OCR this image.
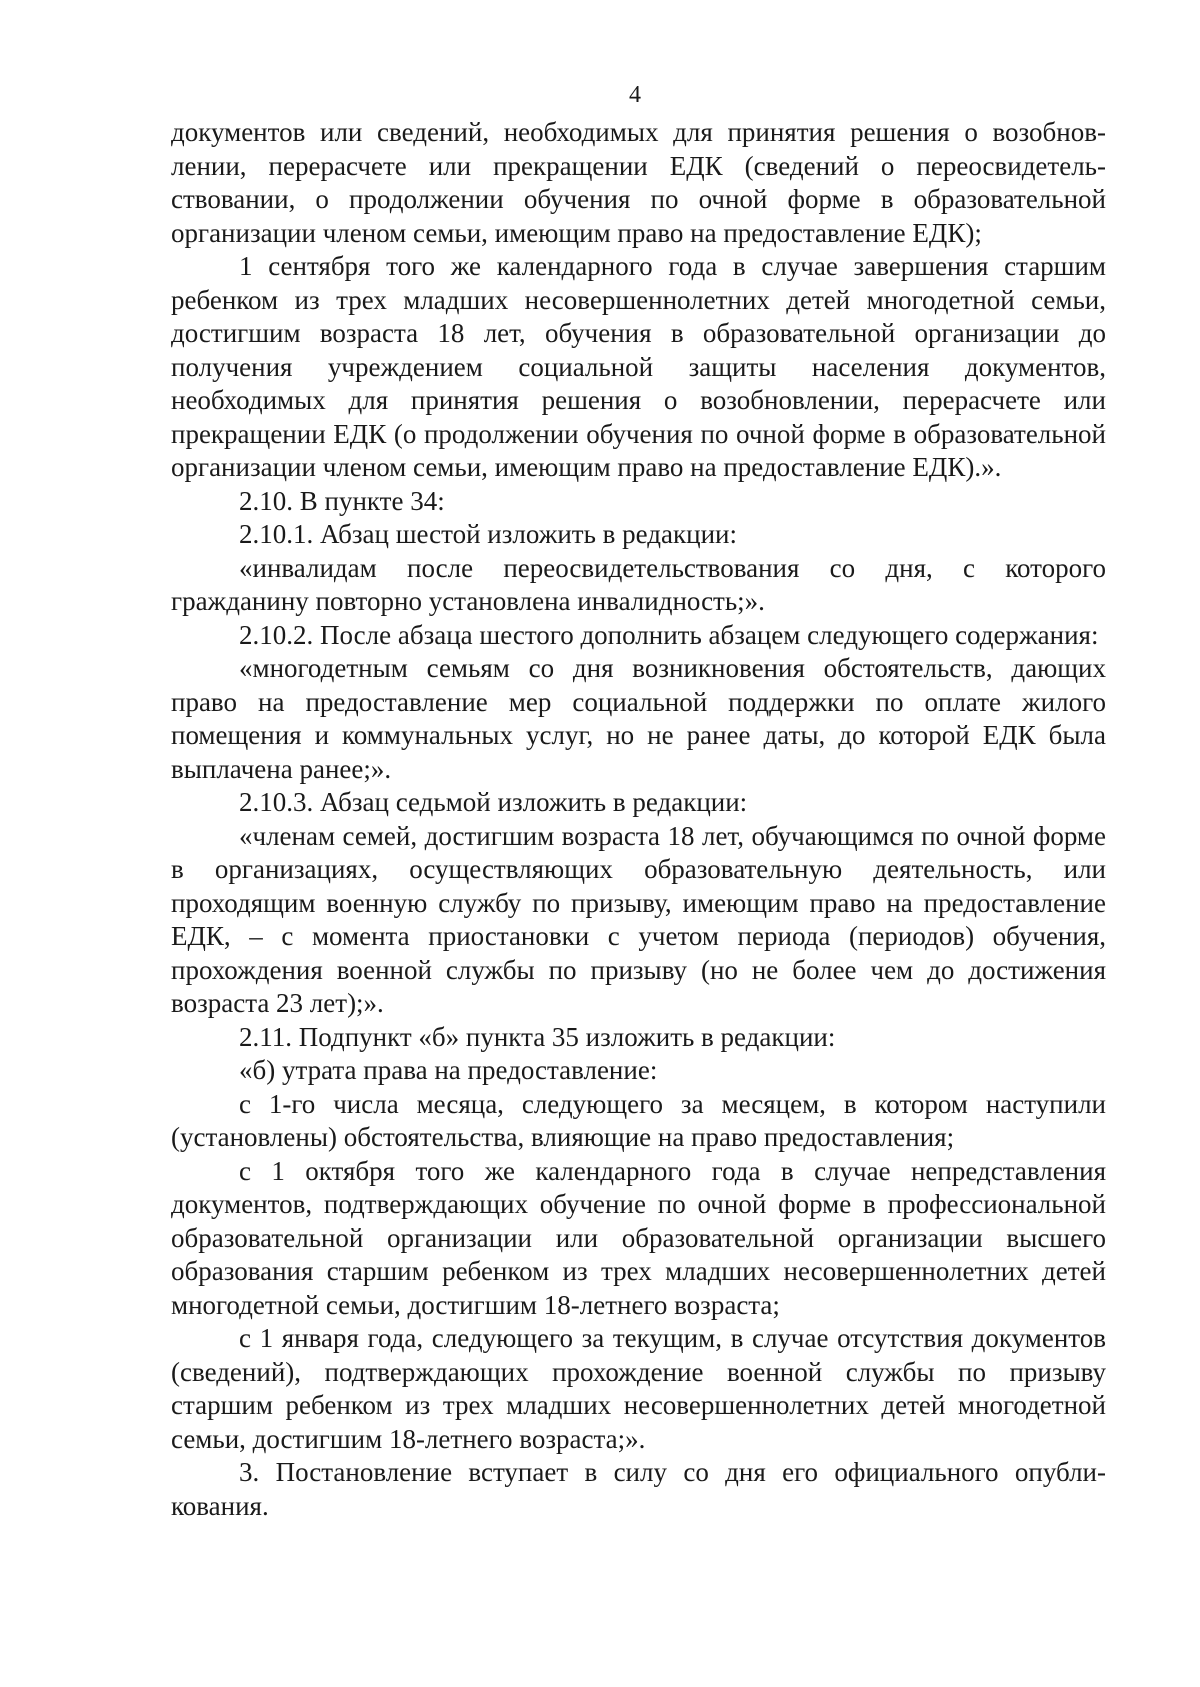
4

документов или сведений, необходимых для принятия решения о возобновлении, перерасчете или прекращении ЕДК (сведений о переосвидетельствовании, о продолжении обучения по очной форме в образовательной организации членом семьи, имеющим право на предоставление ЕДК);

1 сентября того же календарного года в случае завершения старшим ребенком из трех младших несовершеннолетних детей многодетной семьи, достигшим возраста 18 лет, обучения в образовательной организации до получения учреждением социальной защиты населения документов, необходимых для принятия решения о возобновлении, перерасчете или прекращении ЕДК (о продолжении обучения по очной форме в образовательной организации членом семьи, имеющим право на предоставление ЕДК).».

2.10. В пункте 34:

2.10.1. Абзац шестой изложить в редакции:

«инвалидам после переосвидетельствования со дня, с которого гражданину повторно установлена инвалидность;».

2.10.2. После абзаца шестого дополнить абзацем следующего содержания:

«многодетным семьям со дня возникновения обстоятельств, дающих право на предоставление мер социальной поддержки по оплате жилого помещения и коммунальных услуг, но не ранее даты, до которой ЕДК была выплачена ранее;».

2.10.3. Абзац седьмой изложить в редакции:

«членам семей, достигшим возраста 18 лет, обучающимся по очной форме в организациях, осуществляющих образовательную деятельность, или проходящим военную службу по призыву, имеющим право на предоставление ЕДК, – с момента приостановки с учетом периода (периодов) обучения, прохождения военной службы по призыву (но не более чем до достижения возраста 23 лет);».

2.11. Подпункт «б» пункта 35 изложить в редакции:

«б) утрата права на предоставление:

с 1-го числа месяца, следующего за месяцем, в котором наступили (установлены) обстоятельства, влияющие на право предоставления;

с 1 октября того же календарного года в случае непредставления документов, подтверждающих обучение по очной форме в профессиональной образовательной организации или образовательной организации высшего образования старшим ребенком из трех младших несовершеннолетних детей многодетной семьи, достигшим 18-летнего возраста;

с 1 января года, следующего за текущим, в случае отсутствия документов (сведений), подтверждающих прохождение военной службы по призыву старшим ребенком из трех младших несовершеннолетних детей многодетной семьи, достигшим 18-летнего возраста;».

3. Постановление вступает в силу со дня его официального опубликования.
